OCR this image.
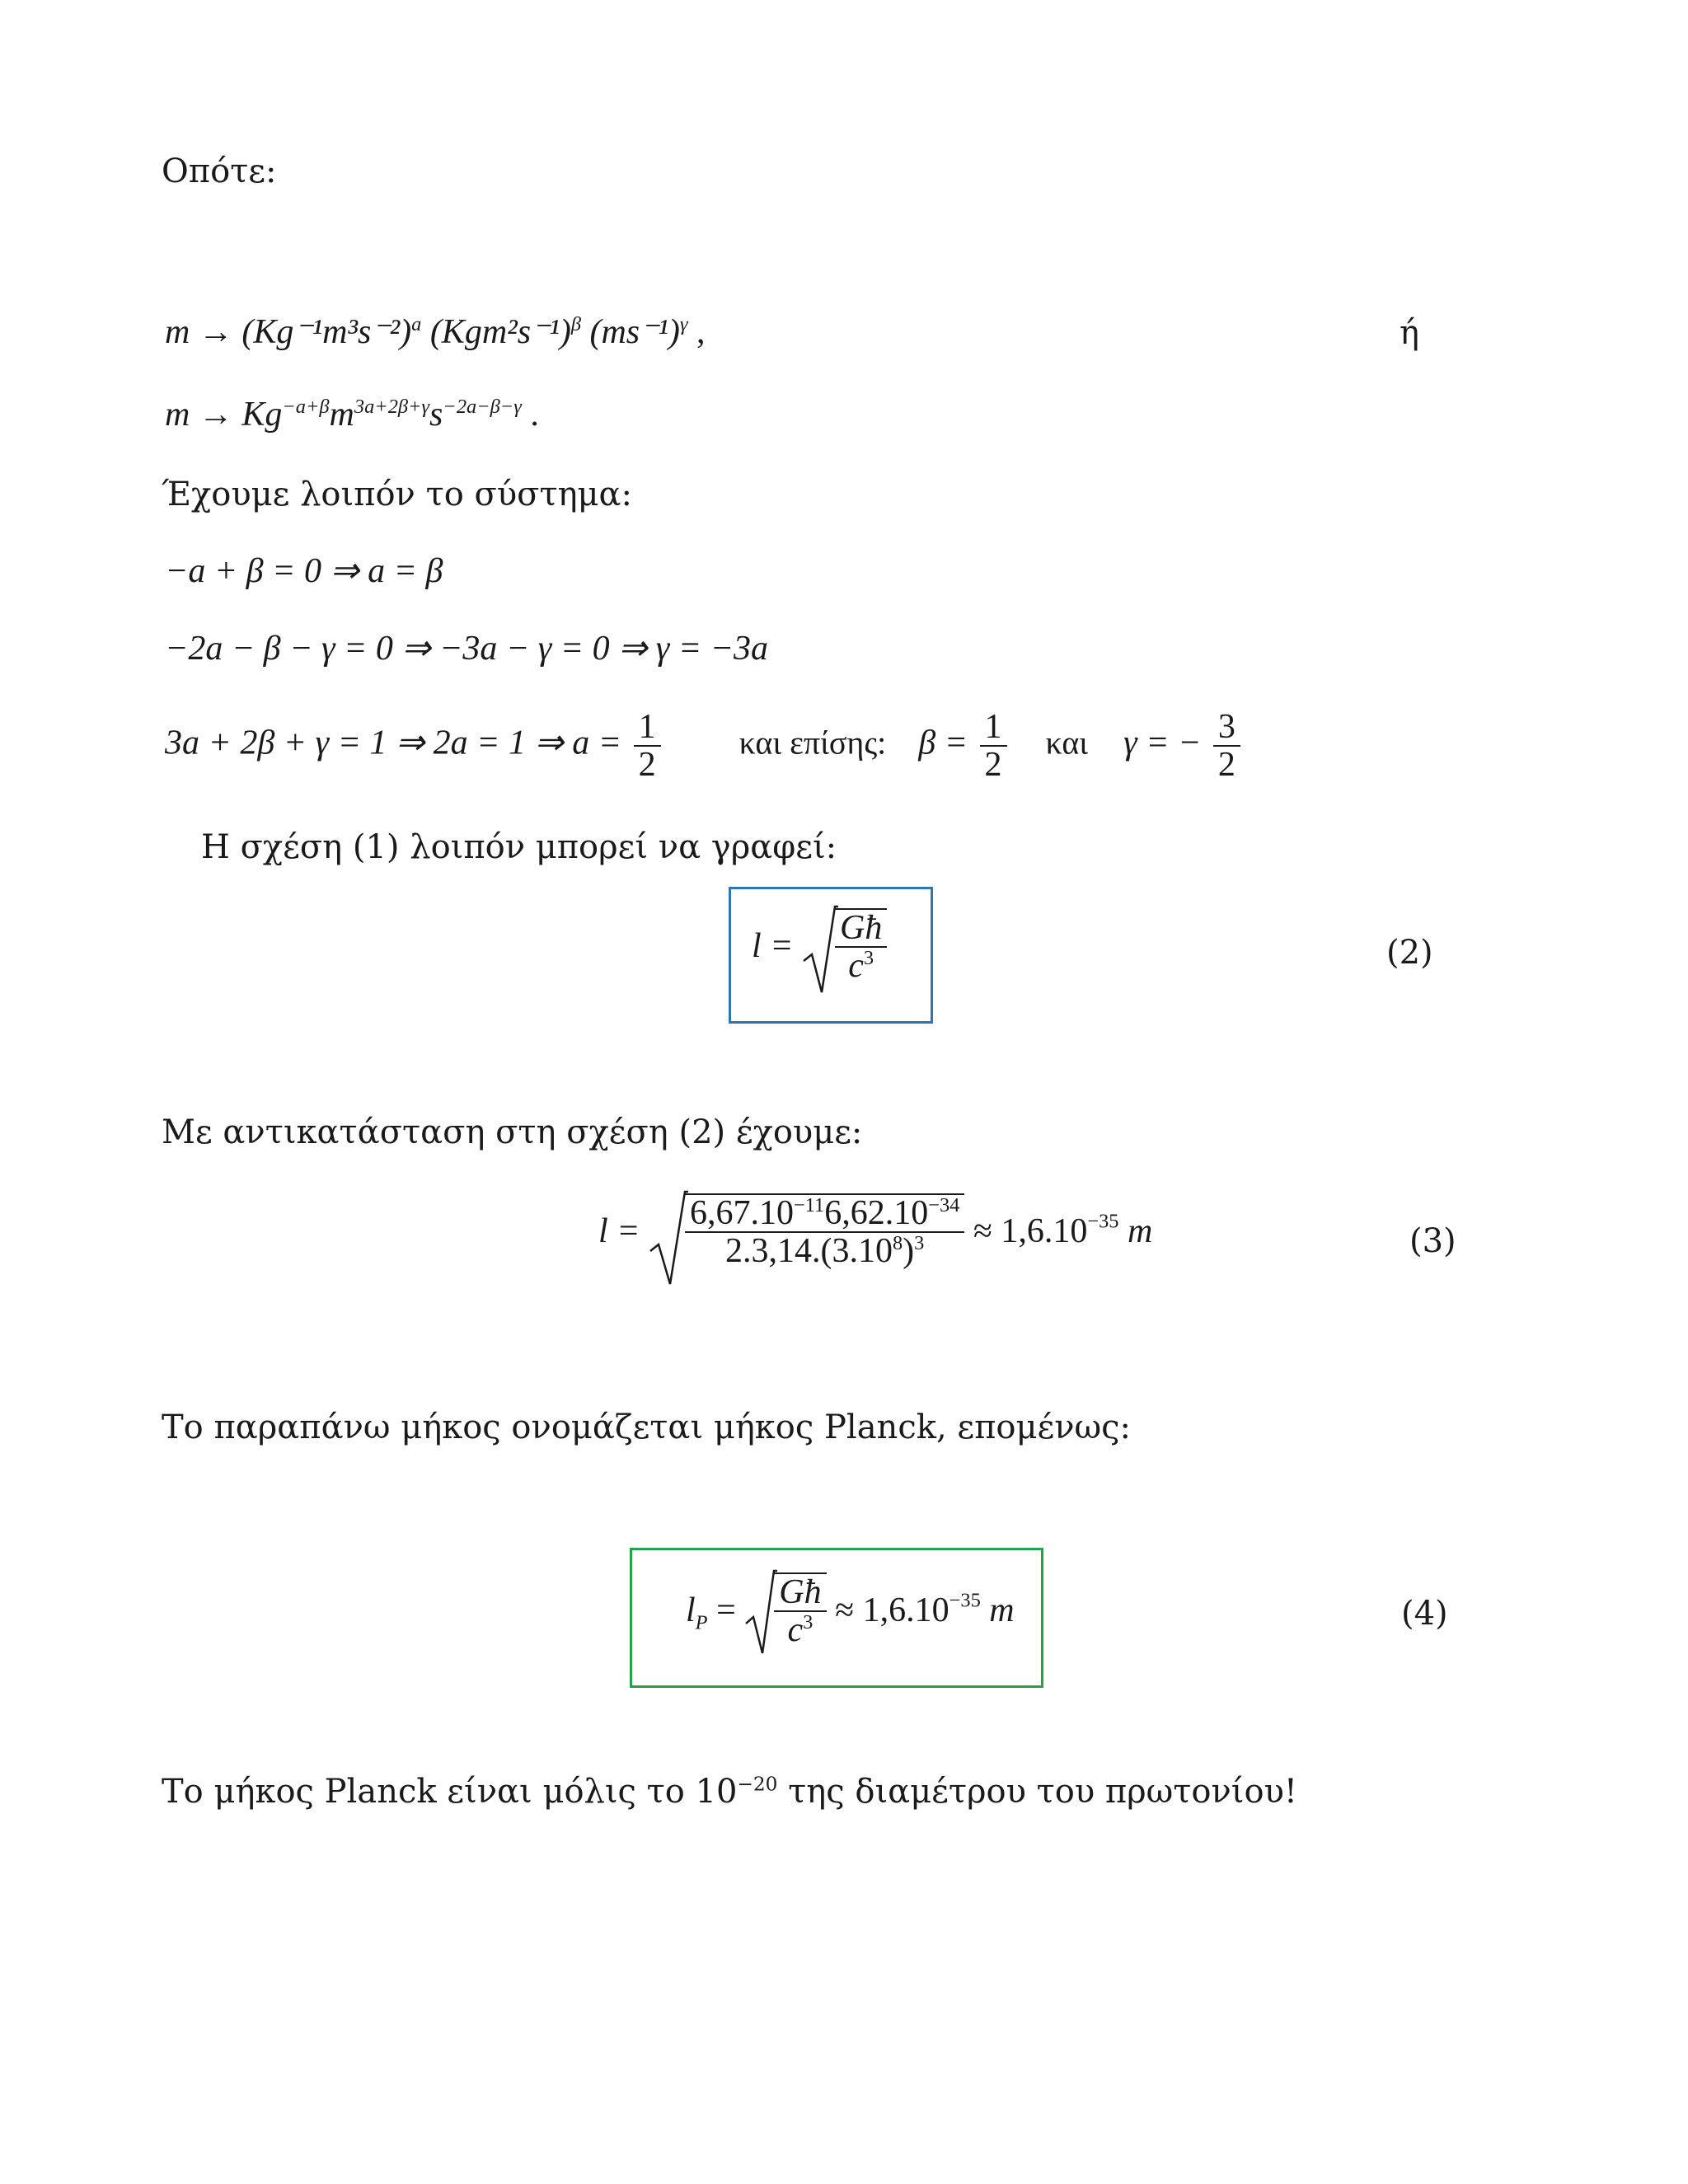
Οπότε:
$m \to (Kg^{-1}m^3s^{-2})^a$ $(Kgm^2s^{-1})^\beta$ $(ms^{-1})^\gamma$ ,	ή
$m \to Kg^{-a+\beta}m^{3a+2\beta+\gamma}s^{-2a-\beta-\gamma}$ .
Έχουμε λοιπόν το σύστημα:
−a + β = 0 ⇒ a = β
−2a − β − γ = 0 ⇒ −3a − γ = 0 ⇒ γ = −3a
3a + 2β + γ = 1 ⇒ 2a = 1 ⇒ $a = \frac{1}{2}$ και επίσης: $\beta = \frac{1}{2}$ και γ = − $\frac{3}{2}$
Η σχέση (1) λοιπόν μπορεί να γραφεί:
$l = \frac{Għ}{c^3}$	(2)
Με αντικατάσταση στη σχέση (2) έχουμε:
$l = \frac{6,67.10^{-11}6,62.10^{-34}}{2.3,14.(3.10^8)^3} \approx 1,6.10^{-35}$ m	(3)
Το παραπάνω μήκος ονομάζεται μήκος Planck, επομένως:
$l_P = \frac{Għ}{c^3} \approx 1,6.10^{-35}$ m	(4)
Το μήκος Planck είναι μόλις το $10^{-20}$ της διαμέτρου του πρωτονίου!
